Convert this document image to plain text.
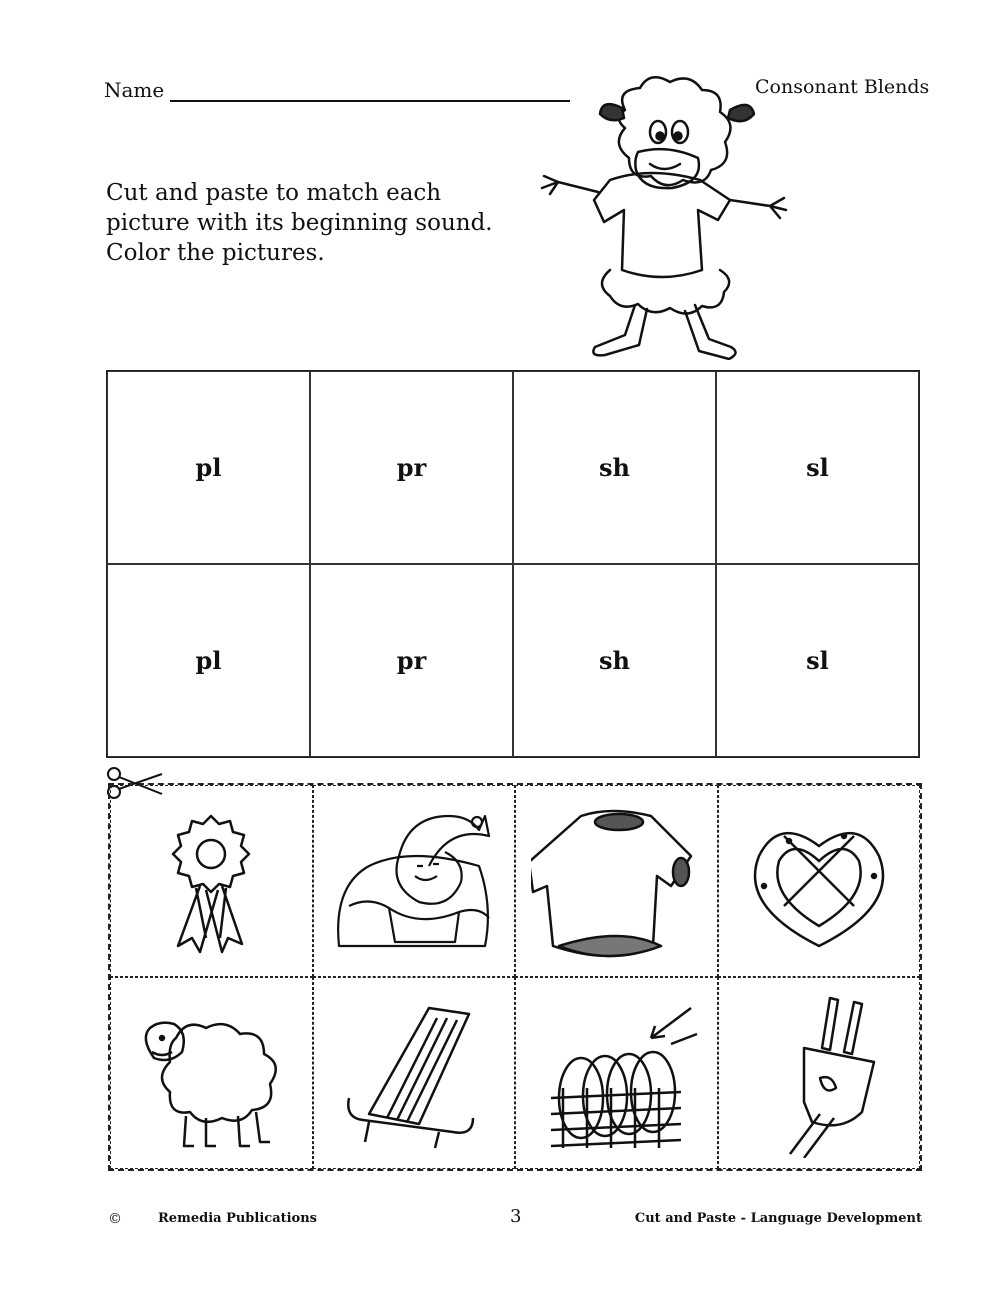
Name	Consonant Blends
Cut and paste to match each
picture with its beginning sound.
Color the pictures.
pl	pr	sh	sl
pl	pr	sh	sl
©	Remedia Publications	3	Cut and Paste - Language Development
